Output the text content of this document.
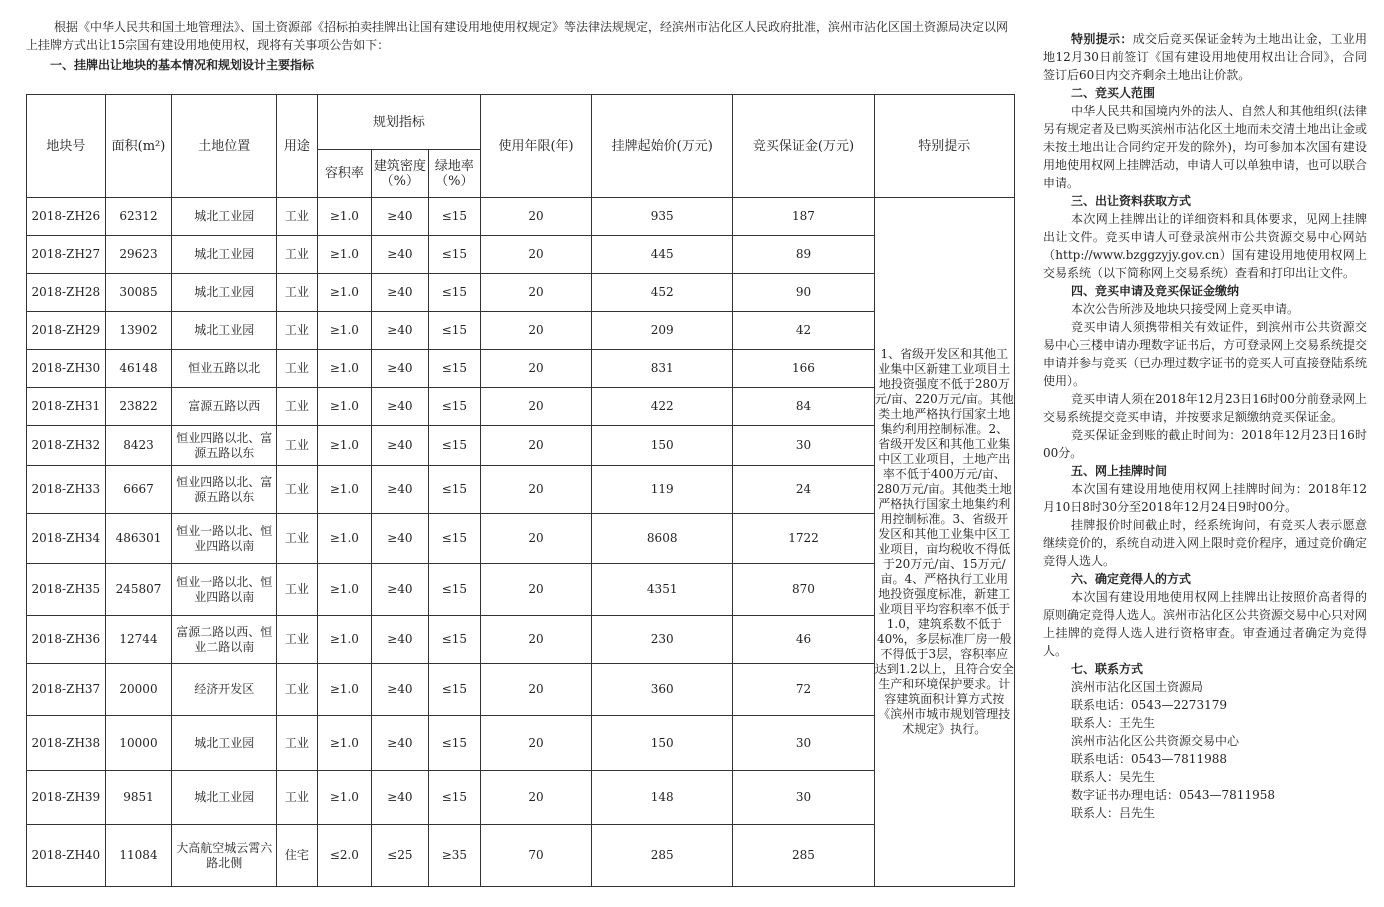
根据《中华人民共和国土地管理法》、国土资源部《招标拍卖挂牌出让国有建设用地使用权规定》等法律法规规定，经滨州市沾化区人民政府批准，滨州市沾化区国土资源局决定以网上挂牌方式出让15宗国有建设用地使用权，现将有关事项公告如下：

一、挂牌出让地块的基本情况和规划设计主要指标

地块号	面积(m²)	土地位置	用途	规划指标			使用年限(年)	挂牌起始价(万元)	竞买保证金(万元)	特别提示
				容积率	建筑密度（%）	绿地率（%）				
2018-ZH26	62312	城北工业园	工业	≥1.0	≥40	≤15	20	935	187	1、省级开发区和其他工业集中区新建工业项目土地投资强度不低于280万元/亩、220万元/亩。其他类土地严格执行国家土地集约利用控制标准。2、省级开发区和其他工业集中区工业项目，土地产出率不低于400万元/亩、280万元/亩。其他类土地严格执行国家土地集约利用控制标准。3、省级开发区和其他工业集中区工业项目，亩均税收不得低于20万元/亩、15万元/亩。4、严格执行工业用地投资强度标准，新建工业项目平均容积率不低于1.0，建筑系数不低于40%，多层标准厂房一般不得低于3层，容积率应达到1.2以上，且符合安全生产和环境保护要求。计容建筑面积计算方式按《滨州市城市规划管理技术规定》执行。
2018-ZH27	29623	城北工业园	工业	≥1.0	≥40	≤15	20	445	89	
2018-ZH28	30085	城北工业园	工业	≥1.0	≥40	≤15	20	452	90	
2018-ZH29	13902	城北工业园	工业	≥1.0	≥40	≤15	20	209	42	
2018-ZH30	46148	恒业五路以北	工业	≥1.0	≥40	≤15	20	831	166	
2018-ZH31	23822	富源五路以西	工业	≥1.0	≥40	≤15	20	422	84	
2018-ZH32	8423	恒业四路以北、富源五路以东	工业	≥1.0	≥40	≤15	20	150	30	
2018-ZH33	6667	恒业四路以北、富源五路以东	工业	≥1.0	≥40	≤15	20	119	24	
2018-ZH34	486301	恒业一路以北、恒业四路以南	工业	≥1.0	≥40	≤15	20	8608	1722	
2018-ZH35	245807	恒业一路以北、恒业四路以南	工业	≥1.0	≥40	≤15	20	4351	870	
2018-ZH36	12744	富源二路以西、恒业二路以南	工业	≥1.0	≥40	≤15	20	230	46	
2018-ZH37	20000	经济开发区	工业	≥1.0	≥40	≤15	20	360	72	
2018-ZH38	10000	城北工业园	工业	≥1.0	≥40	≤15	20	150	30	
2018-ZH39	9851	城北工业园	工业	≥1.0	≥40	≤15	20	148	30	
2018-ZH40	11084	大高航空城云霄六路北侧	住宅	≤2.0	≤25	≥35	70	285	285	

特别提示：成交后竞买保证金转为土地出让金，工业用地12月30日前签订《国有建设用地使用权出让合同》，合同签订后60日内交齐剩余土地出让价款。

二、竞买人范围

中华人民共和国境内外的法人、自然人和其他组织(法律另有规定者及已购买滨州市沾化区土地而未交清土地出让金或未按土地出让合同约定开发的除外)，均可参加本次国有建设用地使用权网上挂牌活动，申请人可以单独申请，也可以联合申请。

三、出让资料获取方式

本次网上挂牌出让的详细资料和具体要求，见网上挂牌出让文件。竞买申请人可登录滨州市公共资源交易中心网站（http://www.bzggzyjy.gov.cn）国有建设用地使用权网上交易系统（以下简称网上交易系统）查看和打印出让文件。

四、竞买申请及竞买保证金缴纳

本次公告所涉及地块只接受网上竞买申请。

竞买申请人须携带相关有效证件，到滨州市公共资源交易中心三楼申请办理数字证书后，方可登录网上交易系统提交申请并参与竞买（已办理过数字证书的竞买人可直接登陆系统使用）。

竞买申请人须在2018年12月23日16时00分前登录网上交易系统提交竞买申请，并按要求足额缴纳竞买保证金。

竞买保证金到账的截止时间为：2018年12月23日16时00分。

五、网上挂牌时间

本次国有建设用地使用权网上挂牌时间为：2018年12月10日8时30分至2018年12月24日9时00分。

挂牌报价时间截止时，经系统询问，有竞买人表示愿意继续竞价的，系统自动进入网上限时竞价程序，通过竞价确定竞得人选人。

六、确定竞得人的方式

本次国有建设用地使用权网上挂牌出让按照价高者得的原则确定竞得人选人。滨州市沾化区公共资源交易中心只对网上挂牌的竞得人选人进行资格审查。审查通过者确定为竞得人。

七、联系方式

滨州市沾化区国土资源局

联系电话：0543—2273179

联系人：王先生

滨州市沾化区公共资源交易中心

联系电话：0543—7811988

联系人：吴先生

数字证书办理电话：0543—7811958

联系人：吕先生
